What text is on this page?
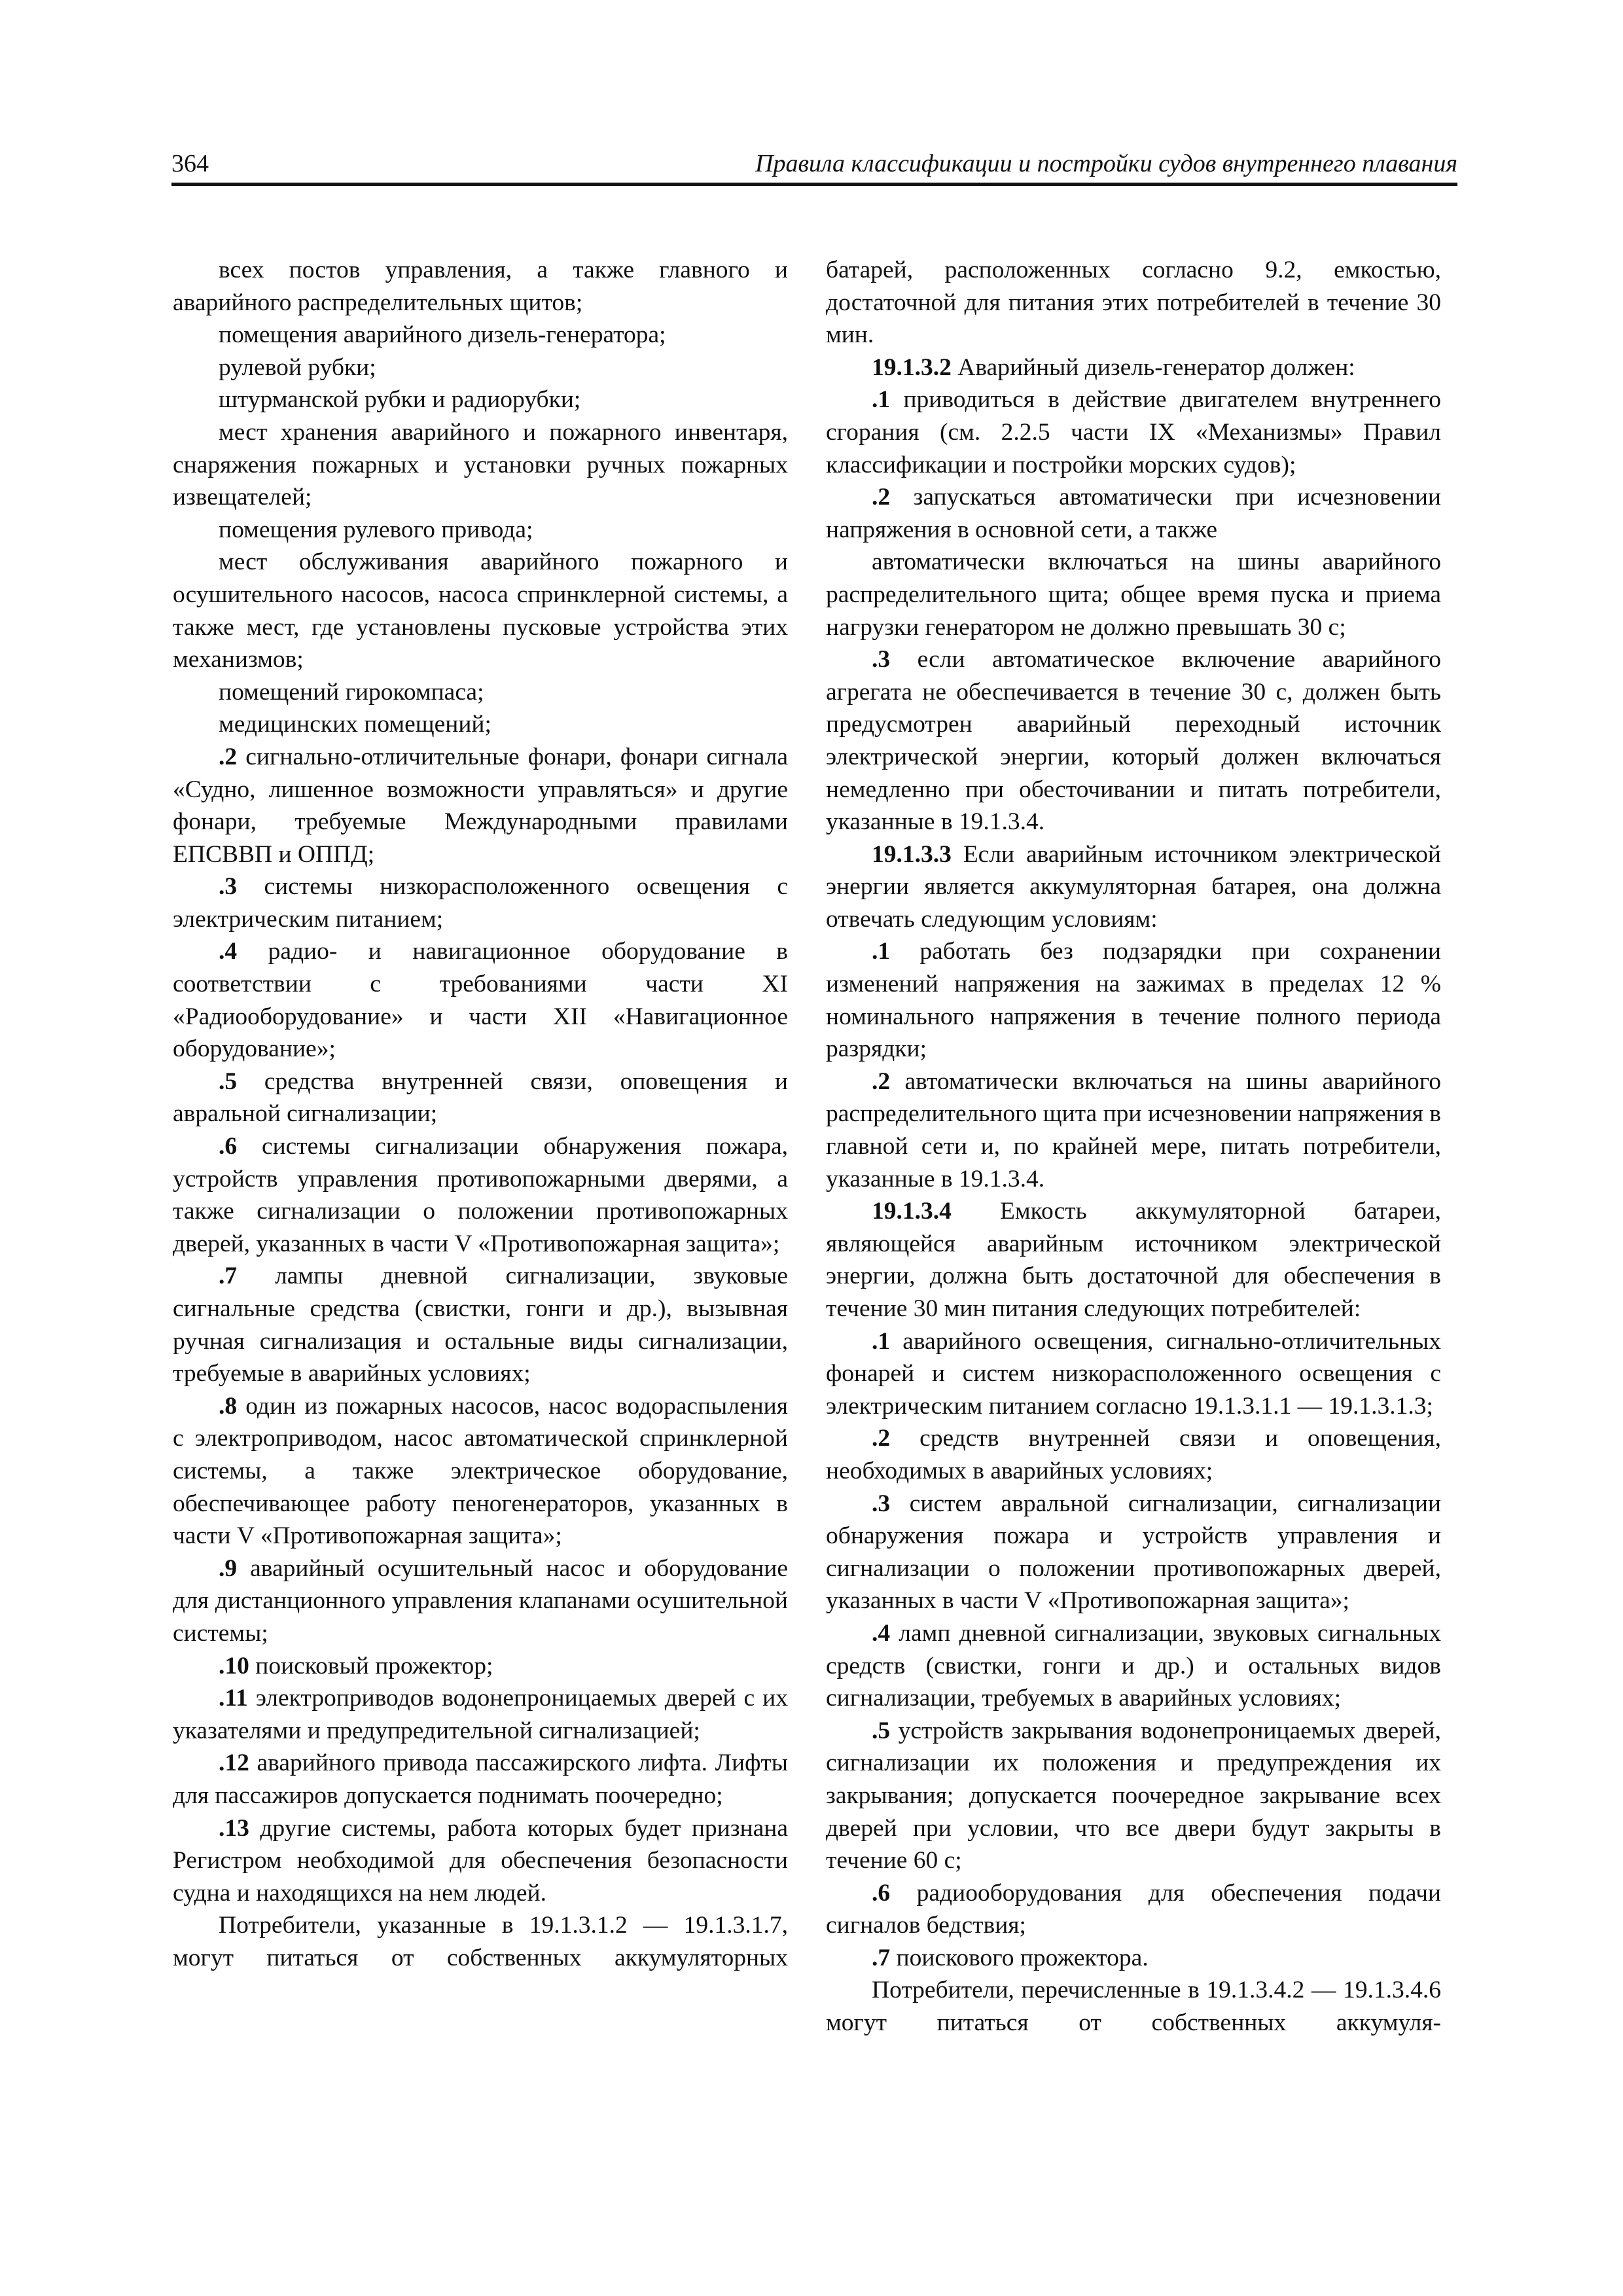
364	Правила классификации и постройки судов внутреннего плавания

всех постов управления, а также главного и аварийного распределительных щитов;

помещения аварийного дизель-генератора;

рулевой рубки;

штурманской рубки и радиорубки;

мест хранения аварийного и пожарного инвентаря, снаряжения пожарных и установки ручных пожарных извещателей;

помещения рулевого привода;

мест обслуживания аварийного пожарного и осушительного насосов, насоса спринклерной системы, а также мест, где установлены пусковые устройства этих механизмов;

помещений гирокомпаса;

медицинских помещений;

.2 сигнально-отличительные фонари, фонари сигнала «Судно, лишенное возможности управляться» и другие фонари, требуемые Международными правилами ЕПСВВП и ОППД;

.3 системы низкорасположенного освещения с электрическим питанием;

.4 радио- и навигационное оборудование в соответствии с требованиями части XI «Радиооборудование» и части XII «Навигационное оборудование»;

.5 средства внутренней связи, оповещения и авральной сигнализации;

.6 системы сигнализации обнаружения пожара, устройств управления противопожарными дверями, а также сигнализации о положении противопожарных дверей, указанных в части V «Противопожарная защита»;

.7 лампы дневной сигнализации, звуковые сигнальные средства (свистки, гонги и др.), вызывная ручная сигнализация и остальные виды сигнализации, требуемые в аварийных условиях;

.8 один из пожарных насосов, насос водораспыления с электроприводом, насос автоматической спринклерной системы, а также электрическое оборудование, обеспечивающее работу пеногенераторов, указанных в части V «Противопожарная защита»;

.9 аварийный осушительный насос и оборудование для дистанционного управления клапанами осушительной системы;

.10 поисковый прожектор;

.11 электроприводов водонепроницаемых дверей с их указателями и предупредительной сигнализацией;

.12 аварийного привода пассажирского лифта. Лифты для пассажиров допускается поднимать поочередно;

.13 другие системы, работа которых будет признана Регистром необходимой для обеспечения безопасности судна и находящихся на нем людей.

Потребители, указанные в 19.1.3.1.2 — 19.1.3.1.7, могут питаться от собственных аккумуляторных

батарей, расположенных согласно 9.2, емкостью, достаточной для питания этих потребителей в течение 30 мин.

19.1.3.2 Аварийный дизель-генератор должен:

.1 приводиться в действие двигателем внутреннего сгорания (см. 2.2.5 части IX «Механизмы» Правил классификации и постройки морских судов);

.2 запускаться автоматически при исчезновении напряжения в основной сети, а также

автоматически включаться на шины аварийного распределительного щита; общее время пуска и приема нагрузки генератором не должно превышать 30 с;

.3 если автоматическое включение аварийного агрегата не обеспечивается в течение 30 с, должен быть предусмотрен аварийный переходный источник электрической энергии, который должен включаться немедленно при обесточивании и питать потребители, указанные в 19.1.3.4.

19.1.3.3 Если аварийным источником электрической энергии является аккумуляторная батарея, она должна отвечать следующим условиям:

.1 работать без подзарядки при сохранении изменений напряжения на зажимах в пределах 12 % номинального напряжения в течение полного периода разрядки;

.2 автоматически включаться на шины аварийного распределительного щита при исчезновении напряжения в главной сети и, по крайней мере, питать потребители, указанные в 19.1.3.4.

19.1.3.4 Емкость аккумуляторной батареи, являющейся аварийным источником электрической энергии, должна быть достаточной для обеспечения в течение 30 мин питания следующих потребителей:

.1 аварийного освещения, сигнально-отличительных фонарей и систем низкорасположенного освещения с электрическим питанием согласно 19.1.3.1.1 — 19.1.3.1.3;

.2 средств внутренней связи и оповещения, необходимых в аварийных условиях;

.3 систем авральной сигнализации, сигнализации обнаружения пожара и устройств управления и сигнализации о положении противопожарных дверей, указанных в части V «Противопожарная защита»;

.4 ламп дневной сигнализации, звуковых сигнальных средств (свистки, гонги и др.) и остальных видов сигнализации, требуемых в аварийных условиях;

.5 устройств закрывания водонепроницаемых дверей, сигнализации их положения и предупреждения их закрывания; допускается поочередное закрывание всех дверей при условии, что все двери будут закрыты в течение 60 с;

.6 радиооборудования для обеспечения подачи сигналов бедствия;

.7 поискового прожектора.

Потребители, перечисленные в 19.1.3.4.2 — 19.1.3.4.6 могут питаться от собственных аккумуля-
